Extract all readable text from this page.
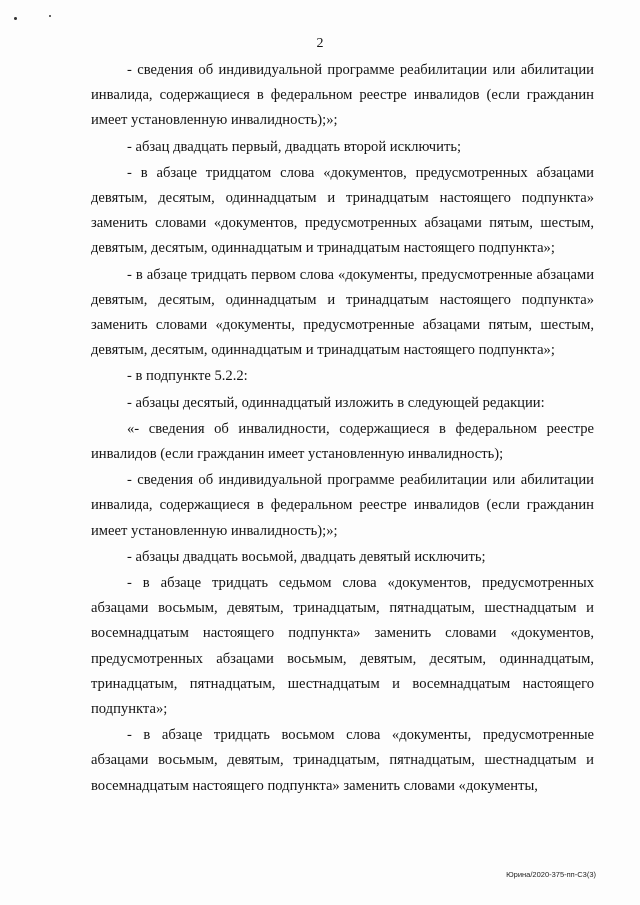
2

- сведения об индивидуальной программе реабилитации или абилитации инвалида, содержащиеся в федеральном реестре инвалидов (если гражданин имеет установленную инвалидность);»;

- абзац двадцать первый, двадцать второй исключить;

- в абзаце тридцатом слова «документов, предусмотренных абзацами девятым, десятым, одиннадцатым и тринадцатым настоящего подпункта» заменить словами «документов, предусмотренных абзацами пятым, шестым, девятым, десятым, одиннадцатым и тринадцатым настоящего подпункта»;

- в абзаце тридцать первом слова «документы, предусмотренные абзацами девятым, десятым, одиннадцатым и тринадцатым настоящего подпункта» заменить словами «документы, предусмотренные абзацами пятым, шестым, девятым, десятым, одиннадцатым и тринадцатым настоящего подпункта»;

- в подпункте 5.2.2:

- абзацы десятый, одиннадцатый изложить в следующей редакции:

«- сведения об инвалидности, содержащиеся в федеральном реестре инвалидов (если гражданин имеет установленную инвалидность);

- сведения об индивидуальной программе реабилитации или абилитации инвалида, содержащиеся в федеральном реестре инвалидов (если гражданин имеет установленную инвалидность);»;

- абзацы двадцать восьмой, двадцать девятый исключить;

- в абзаце тридцать седьмом слова «документов, предусмотренных абзацами восьмым, девятым, тринадцатым, пятнадцатым, шестнадцатым и восемнадцатым настоящего подпункта» заменить словами «документов, предусмотренных абзацами восьмым, девятым, десятым, одиннадцатым, тринадцатым, пятнадцатым, шестнадцатым и восемнадцатым настоящего подпункта»;

- в абзаце тридцать восьмом слова «документы, предусмотренные абзацами восьмым, девятым, тринадцатым, пятнадцатым, шестнадцатым и восемнадцатым настоящего подпункта» заменить словами «документы,

Юрина/2020-375-пп-С3(3)
